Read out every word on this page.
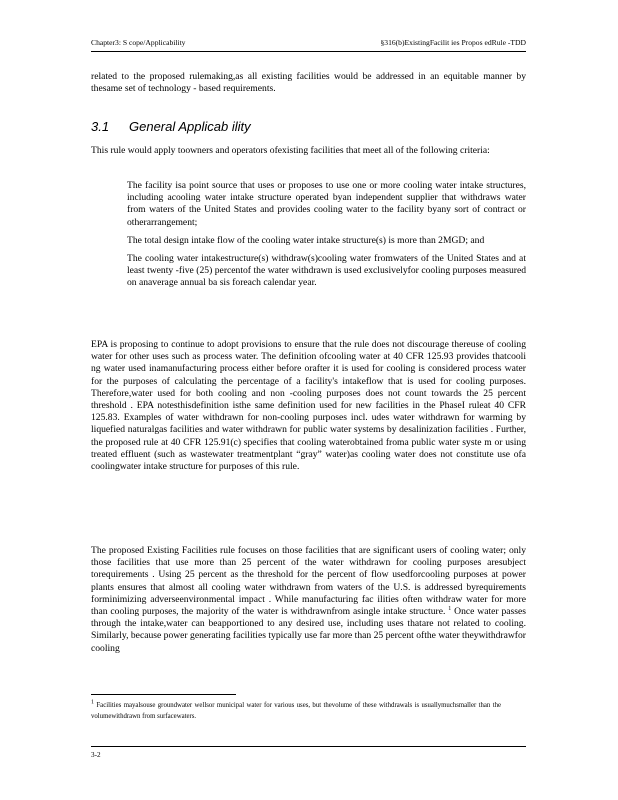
Chapter3: S cope/Applicability	§316(b)ExistingFacilit ies Propos edRule -TDD

related to the proposed rulemaking,as all existing facilities would be addressed in an equitable manner by thesame set of technology - based requirements.

3.1 General Applicab ility

This rule would apply toowners and operators ofexisting facilities that meet all of the following criteria:

The facility isa point source that uses or proposes to use one or more cooling water intake structures, including acooling water intake structure operated byan independent supplier that withdraws water from waters of the United States and provides cooling water to the facility byany sort of contract or otherarrangement;
The total design intake flow of the cooling water intake structure(s) is more than 2MGD; and
The cooling water intakestructure(s) withdraw(s)cooling water fromwaters of the United States and at least twenty -five (25) percentof the water withdrawn is used exclusivelyfor cooling purposes measured on anaverage annual ba sis foreach calendar year.

EPA is proposing to continue to adopt provisions to ensure that the rule does not discourage thereuse of cooling water for other uses such as process water. The definition ofcooling water at 40 CFR 125.93 provides thatcooli ng water used inamanufacturing process either before orafter it is used for cooling is considered process water for the purposes of calculating the percentage of a facility's intakeflow that is used for cooling purposes. Therefore,water used for both cooling and non -cooling purposes does not count towards the 25 percent threshold . EPA notesthisdefinition isthe same definition used for new facilities in the PhaseI ruleat 40 CFR 125.83. Examples of water withdrawn for non-cooling purposes incl. udes water withdrawn for warming by liquefied naturalgas facilities and water withdrawn for public water systems by desalinization facilities . Further, the proposed rule at 40 CFR 125.91(c) specifies that cooling waterobtained froma public water syste m or using treated effluent (such as wastewater treatmentplant “gray” water)as cooling water does not constitute use ofa coolingwater intake structure for purposes of this rule.

The proposed Existing Facilities rule focuses on those facilities that are significant users of cooling water; only those facilities that use more than 25 percent of the water withdrawn for cooling purposes aresubject torequirements . Using 25 percent as the threshold for the percent of flow usedforcooling purposes at power plants ensures that almost all cooling water withdrawn from waters of the U.S. is addressed byrequirements forminimizing adverseenvironmental impact . While manufacturing fac ilities often withdraw water for more than cooling purposes, the majority of the water is withdrawnfrom asingle intake structure. $^1$ Once water passes through the intake,water can beapportioned to any desired use, including uses thatare not related to cooling. Similarly, because power generating facilities typically use far more than 25 percent ofthe water theywithdrawfor cooling

1 Facilities mayalsouse groundwater wellsor municipal water for various uses, but thevolume of these withdrawals is usuallymuchsmaller than the volumewithdrawn from surfacewaters.

3-2
